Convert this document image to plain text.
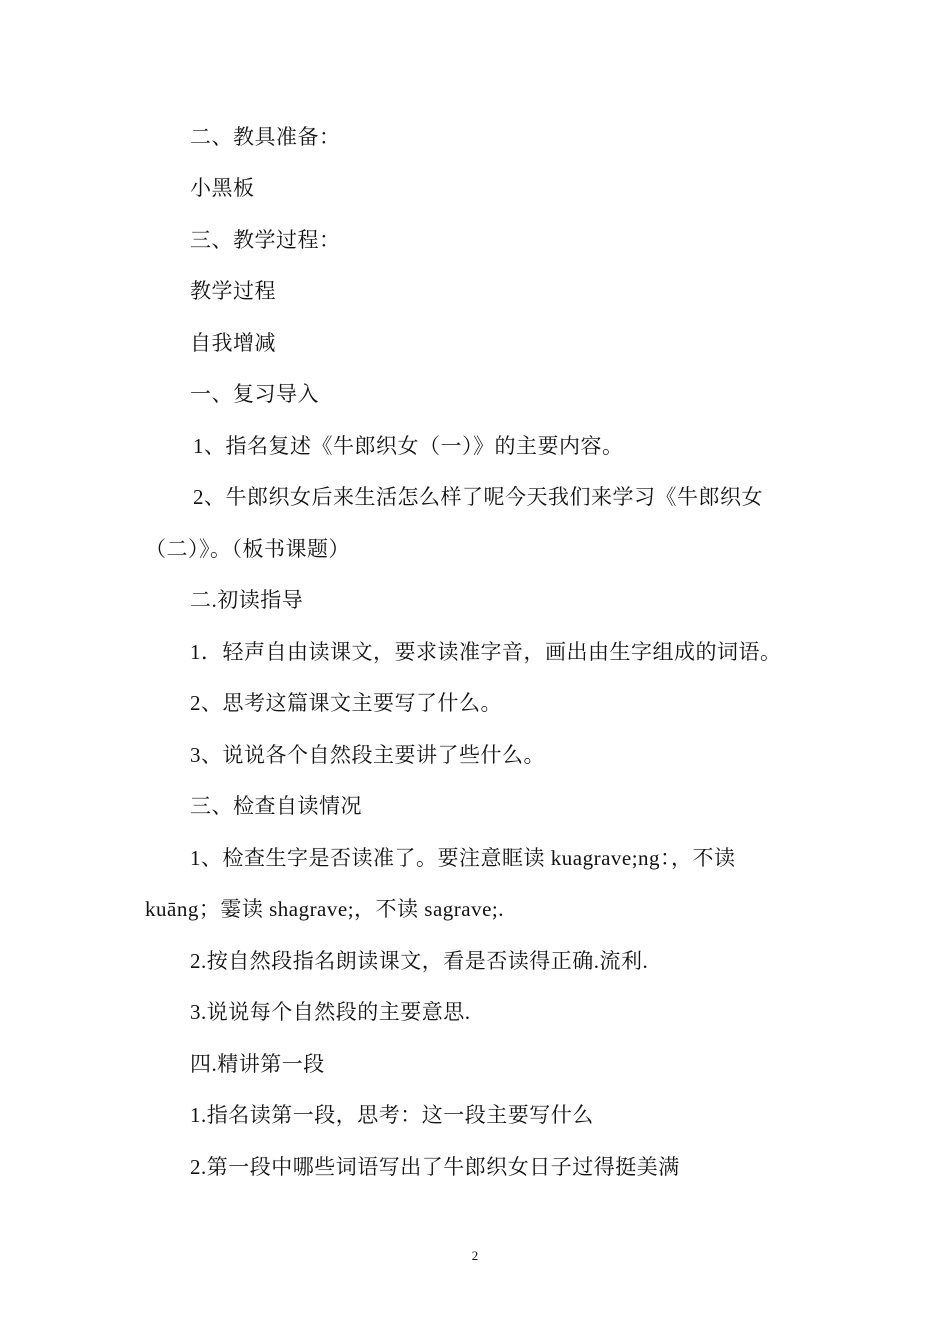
二、教具准备：
小黑板
三、教学过程：
教学过程
自我增减
一、复习导入
1、指名复述《牛郎织女（一）》的主要内容。
2、牛郎织女后来生活怎么样了呢今天我们来学习《牛郎织女
（二）》。（板书课题）
二.初读指导
1．轻声自由读课文，要求读准字音，画出由生字组成的词语。
2、思考这篇课文主要写了什么。
3、说说各个自然段主要讲了些什么。
三、检查自读情况
1、检查生字是否读准了。要注意眶读 kuagrave;ng：，不读
kuāng；霎读 shagrave;，不读 sagrave;.
2.按自然段指名朗读课文，看是否读得正确.流利.
3.说说每个自然段的主要意思.
四.精讲第一段
1.指名读第一段，思考：这一段主要写什么
2.第一段中哪些词语写出了牛郎织女日子过得挺美满
2
